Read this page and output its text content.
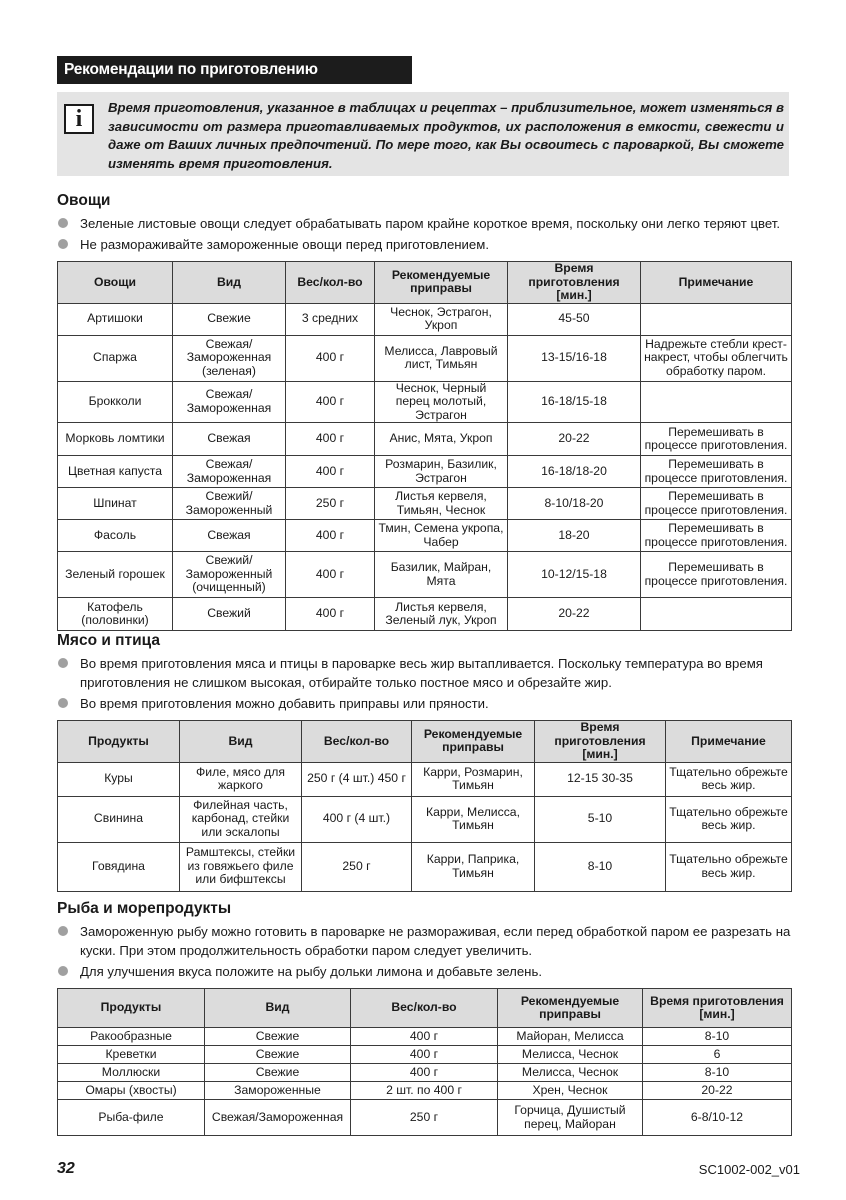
Рекомендации по приготовлению
i	Время приготовления, указанное в таблицах и рецептах – приблизительное, может изменяться в зависимости от размера приготавливаемых продуктов, их расположения в емкости, свежести и даже от Ваших личных предпочтений. По мере того, как Вы освоитесь с пароваркой, Вы сможете изменять время приготовления.
Овощи
Зеленые листовые овощи следует обрабатывать паром крайне короткое время, поскольку они легко теряют цвет.
Не размораживайте замороженные овощи перед приготовлением.
Овощи	Вид	Вес/кол-во	Рекомендуемые приправы	Время приготовления [мин.]	Примечание
Артишоки	Свежие	3 средних	Чеснок, Эстрагон, Укроп	45-50	
Спаржа	Свежая/ Замороженная (зеленая)	400 г	Мелисса, Лавровый лист, Тимьян	13-15/16-18	Надрежьте стебли крест-накрест, чтобы облегчить обработку паром.
Брокколи	Свежая/ Замороженная	400 г	Чеснок, Черный перец молотый, Эстрагон	16-18/15-18	
Морковь ломтики	Свежая	400 г	Анис, Мята, Укроп	20-22	Перемешивать в процессе приготовления.
Цветная капуста	Свежая/ Замороженная	400 г	Розмарин, Базилик, Эстрагон	16-18/18-20	Перемешивать в процессе приготовления.
Шпинат	Свежий/ Замороженный	250 г	Листья кервеля, Тимьян, Чеснок	8-10/18-20	Перемешивать в процессе приготовления.
Фасоль	Свежая	400 г	Тмин, Семена укропа, Чабер	18-20	Перемешивать в процессе приготовления.
Зеленый горошек	Свежий/ Замороженный (очищенный)	400 г	Базилик, Майран, Мята	10-12/15-18	Перемешивать в процессе приготовления.
Катофель (половинки)	Свежий	400 г	Листья кервеля, Зеленый лук, Укроп	20-22	
Мясо и птица
Во время приготовления мяса и птицы в пароварке весь жир вытапливается. Поскольку температура во время приготовления не слишком высокая, отбирайте только постное мясо и обрезайте жир.
Во время приготовления можно добавить приправы или пряности.
Продукты	Вид	Вес/кол-во	Рекомендуемые приправы	Время приготовления [мин.]	Примечание
Куры	Филе, мясо для жаркого	250 г (4 шт.) 450 г	Карри, Розмарин, Тимьян	12-15 30-35	Тщательно обрежьте весь жир.
Свинина	Филейная часть, карбонад, стейки или эскалопы	400 г (4 шт.)	Карри, Мелисса, Тимьян	5-10	Тщательно обрежьте весь жир.
Говядина	Рамштексы, стейки из говяжьего филе или бифштексы	250 г	Карри, Паприка, Тимьян	8-10	Тщательно обрежьте весь жир.
Рыба и морепродукты
Замороженную рыбу можно готовить в пароварке не размораживая, если перед обработкой паром ее разрезать на куски. При этом продолжительность обработки паром следует увеличить.
Для улучшения вкуса положите на рыбу дольки лимона и добавьте зелень.
Продукты	Вид	Вес/кол-во	Рекомендуемые приправы	Время приготовления [мин.]
Ракообразные	Свежие	400 г	Майоран, Мелисса	8-10
Креветки	Свежие	400 г	Мелисса, Чеснок	6
Моллюски	Свежие	400 г	Мелисса, Чеснок	8-10
Омары (хвосты)	Замороженные	2 шт. по 400 г	Хрен, Чеснок	20-22
Рыба-филе	Свежая/Замороженная	250 г	Горчица, Душистый перец, Майоран	6-8/10-12
32	SC1002-002_v01
